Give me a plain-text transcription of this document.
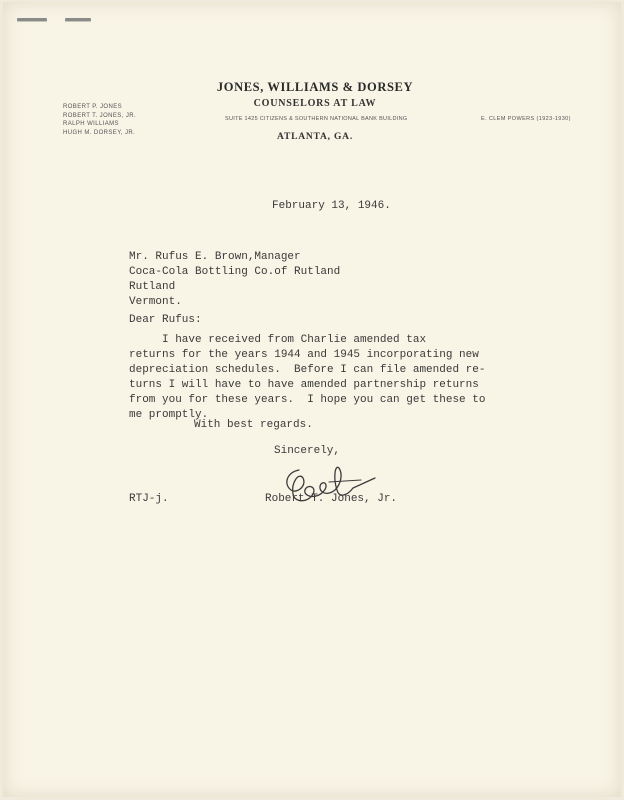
JONES, WILLIAMS & DORSEY
COUNSELORS AT LAW
SUITE 1425 CITIZENS & SOUTHERN NATIONAL BANK BUILDING
ATLANTA, GA.
ROBERT P. JONES
ROBERT T. JONES, JR.
RALPH WILLIAMS
HUGH M. DORSEY, JR.
E. CLEM POWERS (1923-1930)
February 13, 1946.
Mr. Rufus E. Brown,Manager
Coca-Cola Bottling Co.of Rutland
Rutland
Vermont.
Dear Rufus:
I have received from Charlie amended tax
returns for the years 1944 and 1945 incorporating new
depreciation schedules.  Before I can file amended re-
turns I will have to have amended partnership returns
from you for these years.  I hope you can get these to
me promptly.
With best regards.
Sincerely,
RTJ-j.	Robert T. Jones, Jr.
